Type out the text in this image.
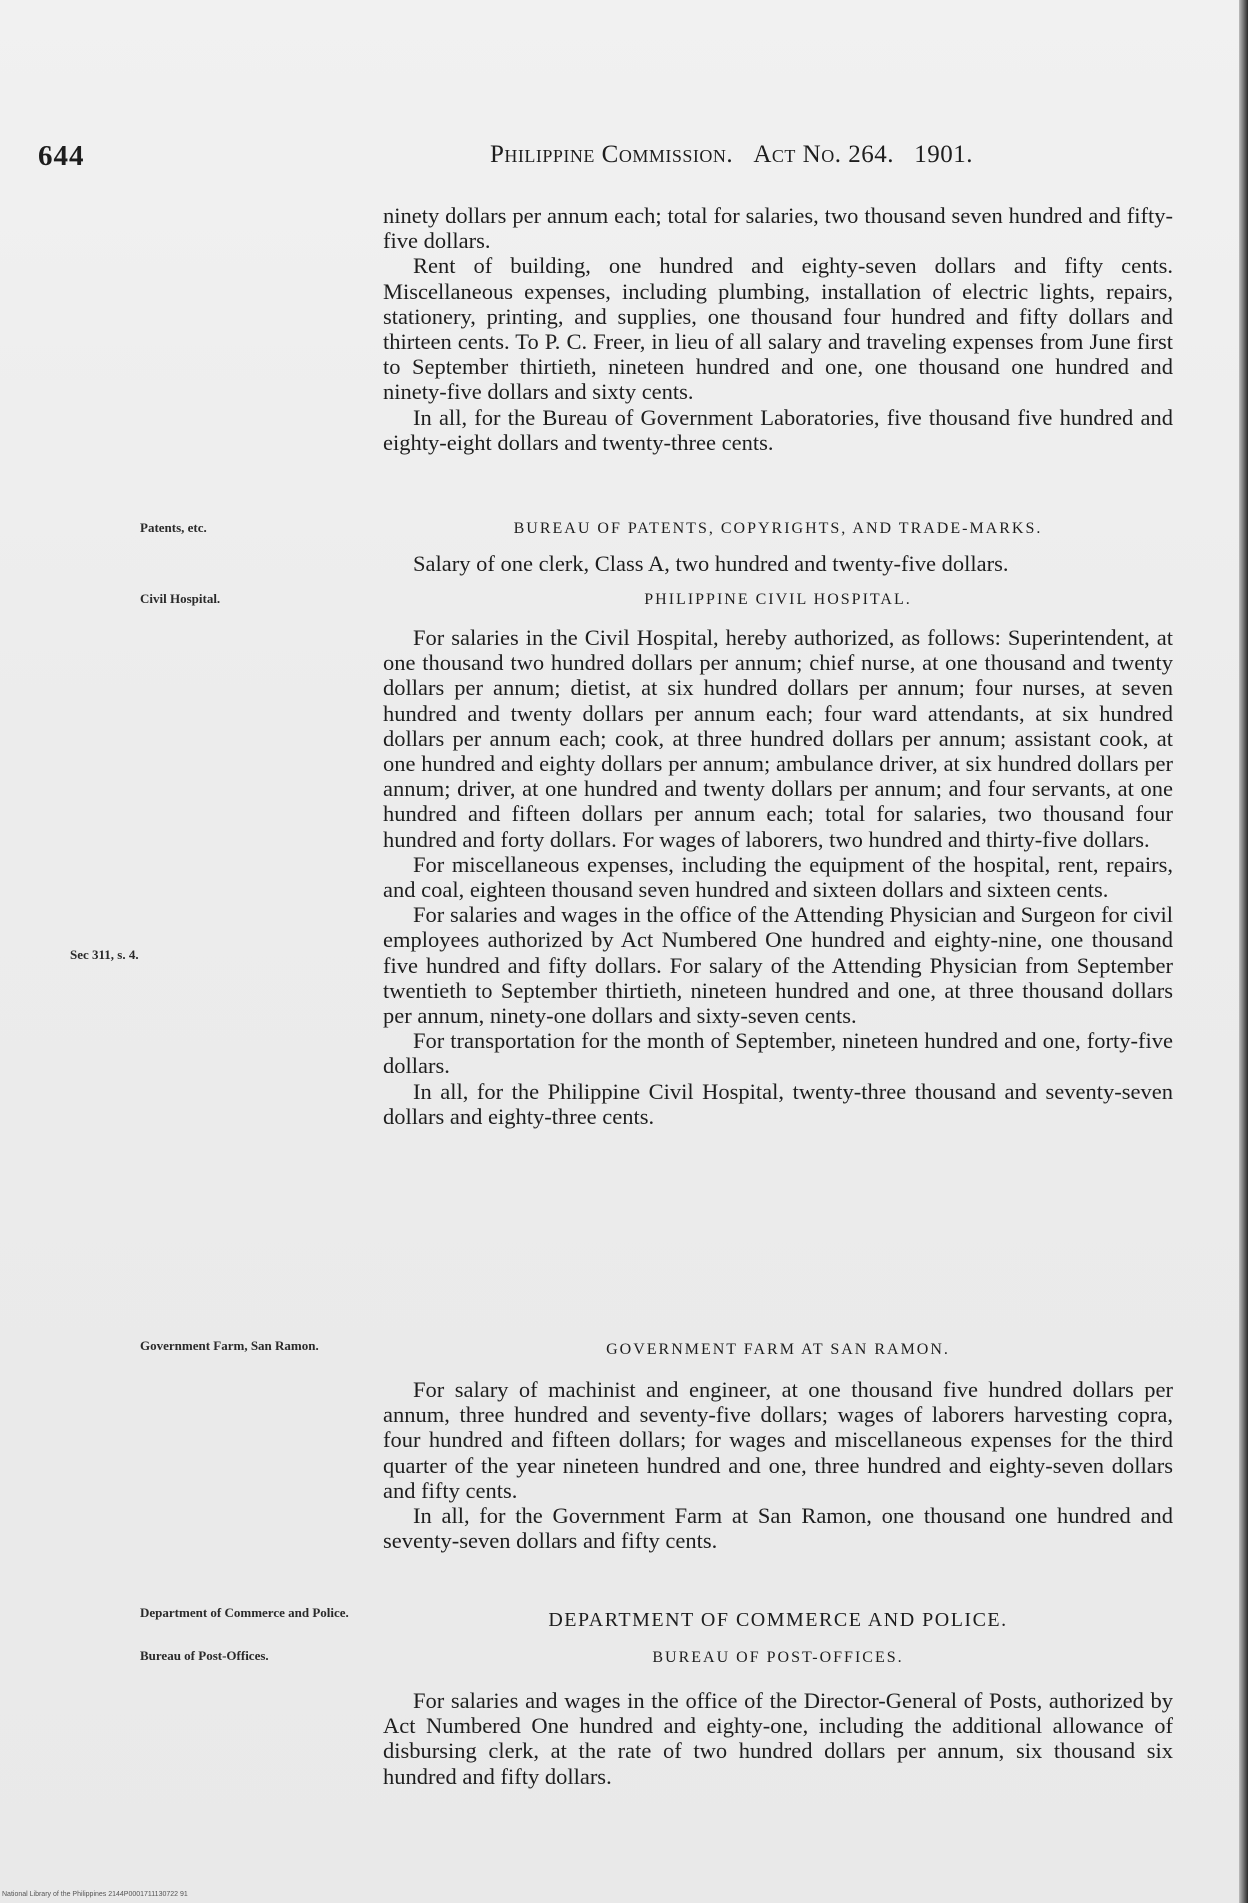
644	Philippine Commission. Act No. 264. 1901.

ninety dollars per annum each; total for salaries, two thousand seven hundred and fifty-five dollars.

Rent of building, one hundred and eighty-seven dollars and fifty cents. Miscellaneous expenses, including plumbing, installation of electric lights, repairs, stationery, printing, and supplies, one thousand four hundred and fifty dollars and thirteen cents. To P. C. Freer, in lieu of all salary and traveling expenses from June first to September thirtieth, nineteen hundred and one, one thousand one hundred and ninety-five dollars and sixty cents.

In all, for the Bureau of Government Laboratories, five thousand five hundred and eighty-eight dollars and twenty-three cents.

Patents, etc.	BUREAU OF PATENTS, COPYRIGHTS, AND TRADE-MARKS.

Salary of one clerk, Class A, two hundred and twenty-five dollars.

Civil Hospital.	PHILIPPINE CIVIL HOSPITAL.

For salaries in the Civil Hospital, hereby authorized, as follows: Superintendent, at one thousand two hundred dollars per annum; chief nurse, at one thousand and twenty dollars per annum; dietist, at six hundred dollars per annum; four nurses, at seven hundred and twenty dollars per annum each; four ward attendants, at six hundred dollars per annum each; cook, at three hundred dollars per annum; assistant cook, at one hundred and eighty dollars per annum; ambulance driver, at six hundred dollars per annum; driver, at one hundred and twenty dollars per annum; and four servants, at one hundred and fifteen dollars per annum each; total for salaries, two thousand four hundred and forty dollars. For wages of laborers, two hundred and thirty-five dollars.

For miscellaneous expenses, including the equipment of the hospital, rent, repairs, and coal, eighteen thousand seven hundred and sixteen dollars and sixteen cents.

For salaries and wages in the office of the Attending Physician and Surgeon for civil employees authorized by Act Numbered One hundred and eighty-nine, one thousand five hundred and fifty dollars. For salary of the Attending Physician from September twentieth to September thirtieth, nineteen hundred and one, at three thousand dollars per annum, ninety-one dollars and sixty-seven cents.

For transportation for the month of September, nineteen hundred and one, forty-five dollars.

In all, for the Philippine Civil Hospital, twenty-three thousand and seventy-seven dollars and eighty-three cents.

Sec 311, s. 4.
Government Farm, San Ramon.	GOVERNMENT FARM AT SAN RAMON.

For salary of machinist and engineer, at one thousand five hundred dollars per annum, three hundred and seventy-five dollars; wages of laborers harvesting copra, four hundred and fifteen dollars; for wages and miscellaneous expenses for the third quarter of the year nineteen hundred and one, three hundred and eighty-seven dollars and fifty cents.

In all, for the Government Farm at San Ramon, one thousand one hundred and seventy-seven dollars and fifty cents.

Department of Commerce and Police.	DEPARTMENT OF COMMERCE AND POLICE.
Bureau of Post-Offices.	BUREAU OF POST-OFFICES.

For salaries and wages in the office of the Director-General of Posts, authorized by Act Numbered One hundred and eighty-one, including the additional allowance of disbursing clerk, at the rate of two hundred dollars per annum, six thousand six hundred and fifty dollars.

National Library of the Philippines 2144P0001711130722 91
